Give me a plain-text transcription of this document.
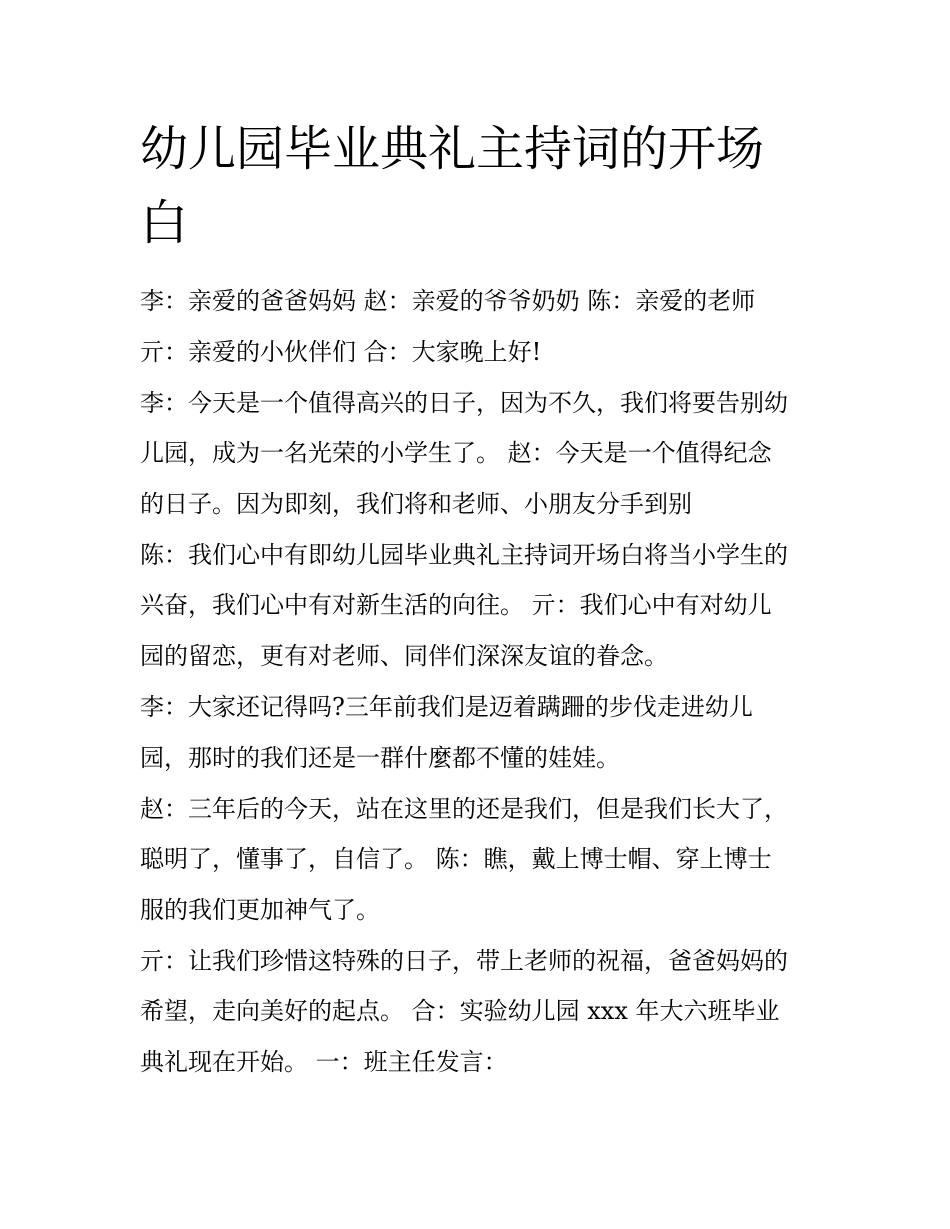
幼儿园毕业典礼主持词的开场
白

李：亲爱的爸爸妈妈 赵：亲爱的爷爷奶奶 陈：亲爱的老师

亓：亲爱的小伙伴们 合：大家晚上好!

李：今天是一个值得高兴的日子，因为不久，我们将要告别幼

儿园，成为一名光荣的小学生了。 赵：今天是一个值得纪念

的日子。因为即刻，我们将和老师、小朋友分手到别

陈：我们心中有即幼儿园毕业典礼主持词开场白将当小学生的

兴奋，我们心中有对新生活的向往。 亓：我们心中有对幼儿

园的留恋，更有对老师、同伴们深深友谊的眷念。

李：大家还记得吗?三年前我们是迈着蹒跚的步伐走进幼儿

园，那时的我们还是一群什麼都不懂的娃娃。

赵：三年后的今天，站在这里的还是我们，但是我们长大了，

聪明了，懂事了，自信了。 陈：瞧，戴上博士帽、穿上博士

服的我们更加神气了。

亓：让我们珍惜这特殊的日子，带上老师的祝福，爸爸妈妈的

希望，走向美好的起点。 合：实验幼儿园 xxx 年大六班毕业

典礼现在开始。 一：班主任发言：
